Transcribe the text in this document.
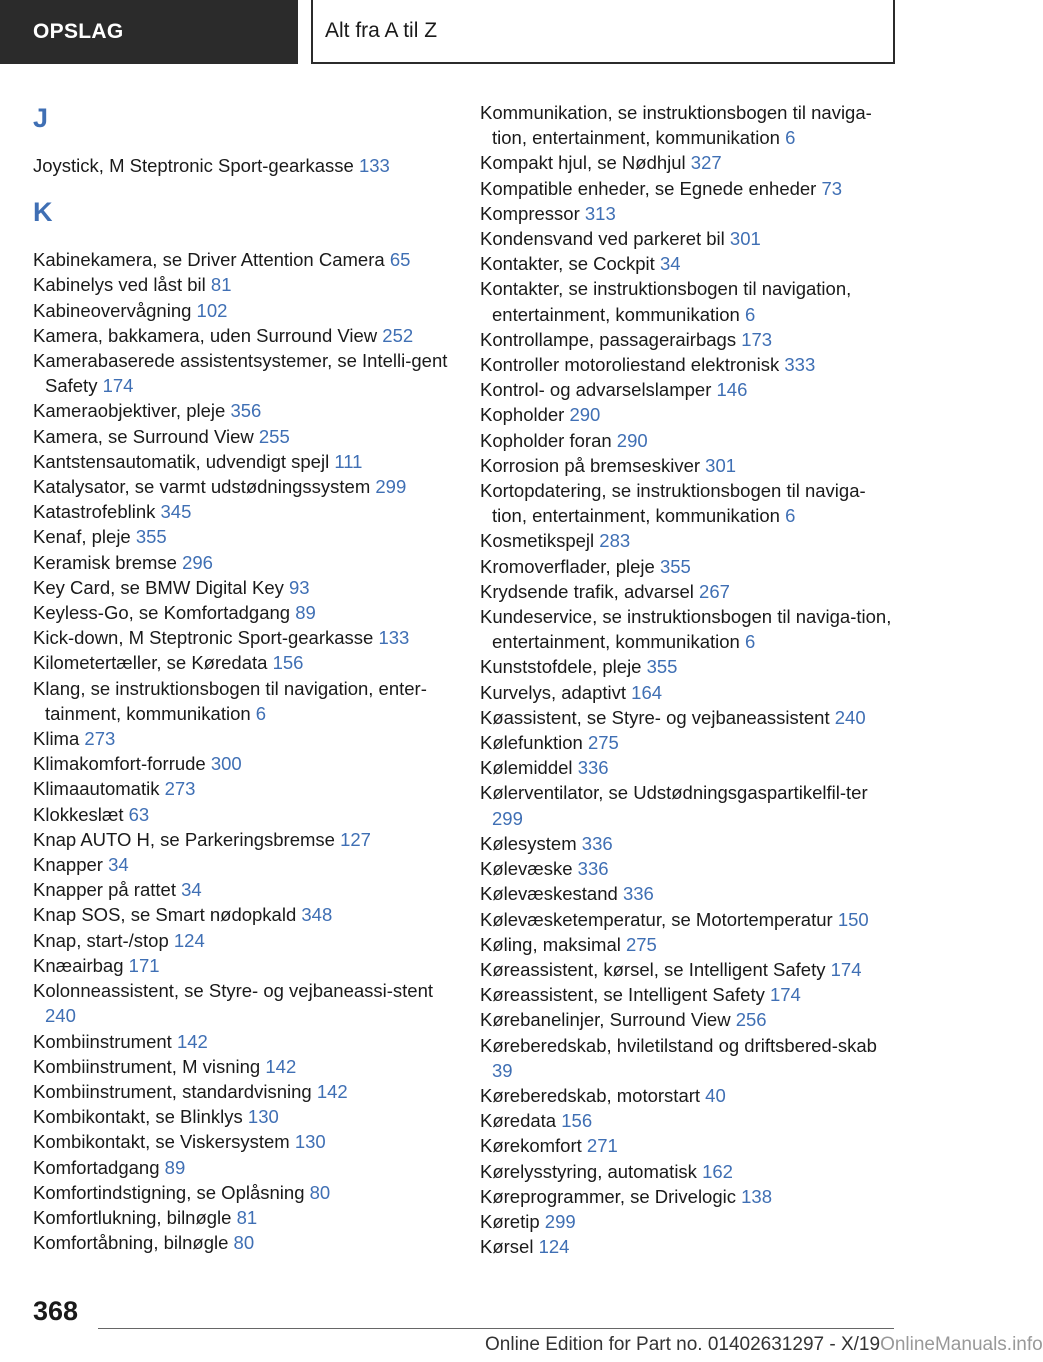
OPSLAG	Alt fra A til Z
J
Joystick, M Steptronic Sport-gearkasse 133
K
Kabinekamera, se Driver Attention Camera 65
Kabinelys ved låst bil 81
Kabineovervågning 102
Kamera, bakkamera, uden Surround View 252
Kamerabaserede assistentsystemer, se Intelli-gent Safety 174
Kameraobjektiver, pleje 356
Kamera, se Surround View 255
Kantstensautomatik, udvendigt spejl 111
Katalysator, se varmt udstødningssystem 299
Katastrofeblink 345
Kenaf, pleje 355
Keramisk bremse 296
Key Card, se BMW Digital Key 93
Keyless-Go, se Komfortadgang 89
Kick-down, M Steptronic Sport-gearkasse 133
Kilometertæller, se Køredata 156
Klang, se instruktionsbogen til navigation, enter-tainment, kommunikation 6
Klima 273
Klimakomfort-forrude 300
Klimaautomatik 273
Klokkeslæt 63
Knap AUTO H, se Parkeringsbremse 127
Knapper 34
Knapper på rattet 34
Knap SOS, se Smart nødopkald 348
Knap, start-/stop 124
Knæairbag 171
Kolonneassistent, se Styre- og vejbaneassi-stent 240
Kombiinstrument 142
Kombiinstrument, M visning 142
Kombiinstrument, standardvisning 142
Kombikontakt, se Blinklys 130
Kombikontakt, se Viskersystem 130
Komfortadgang 89
Komfortindstigning, se Oplåsning 80
Komfortlukning, bilnøgle 81
Komfortåbning, bilnøgle 80
Kommunikation, se instruktionsbogen til naviga-tion, entertainment, kommunikation 6
Kompakt hjul, se Nødhjul 327
Kompatible enheder, se Egnede enheder 73
Kompressor 313
Kondensvand ved parkeret bil 301
Kontakter, se Cockpit 34
Kontakter, se instruktionsbogen til navigation, entertainment, kommunikation 6
Kontrollampe, passagerairbags 173
Kontroller motoroliestand elektronisk 333
Kontrol- og advarselslamper 146
Kopholder 290
Kopholder foran 290
Korrosion på bremseskiver 301
Kortopdatering, se instruktionsbogen til naviga-tion, entertainment, kommunikation 6
Kosmetikspejl 283
Kromoverflader, pleje 355
Krydsende trafik, advarsel 267
Kundeservice, se instruktionsbogen til naviga-tion, entertainment, kommunikation 6
Kunststofdele, pleje 355
Kurvelys, adaptivt 164
Køassistent, se Styre- og vejbaneassistent 240
Kølefunktion 275
Kølemiddel 336
Kølerventilator, se Udstødningsgaspartikelfil-ter 299
Kølesystem 336
Kølevæske 336
Kølevæskestand 336
Kølevæsketemperatur, se Motortemperatur 150
Køling, maksimal 275
Køreassistent, kørsel, se Intelligent Safety 174
Køreassistent, se Intelligent Safety 174
Kørebanelinjer, Surround View 256
Køreberedskab, hviletilstand og driftsbered-skab 39
Køreberedskab, motorstart 40
Køredata 156
Kørekomfort 271
Kørelysstyring, automatisk 162
Køreprogrammer, se Drivelogic 138
Køretip 299
Kørsel 124
368
Online Edition for Part no. 01402631297 - X/19OnlineManuals.info
